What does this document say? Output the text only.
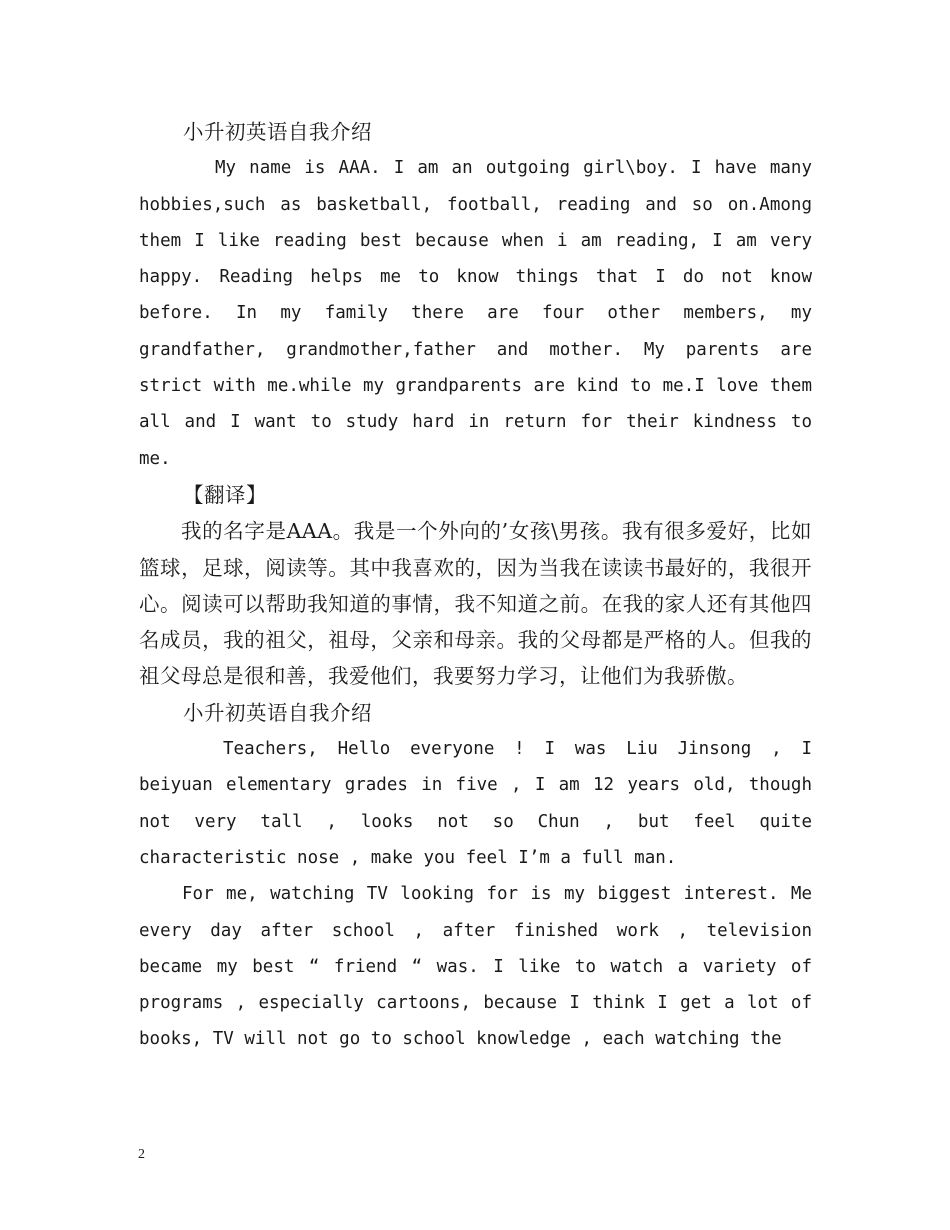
小升初英语自我介绍

My name is AAA. I am an outgoing girl\boy. I have many hobbies,such as basketball, football, reading and so on.Among them I like reading best because when i am reading, I am very happy. Reading helps me to know things that I do not know before. In my family there are four other members, my grandfather, grandmother,father and mother. My parents are strict with me.while my grandparents are kind to me.I love them all and I want to study hard in return for their kindness to me.

【翻译】

我的名字是AAA。我是一个外向的’女孩\男孩。我有很多爱好，比如篮球，足球，阅读等。其中我喜欢的，因为当我在读读书最好的，我很开心。阅读可以帮助我知道的事情，我不知道之前。在我的家人还有其他四名成员，我的祖父，祖母，父亲和母亲。我的父母都是严格的人。但我的祖父母总是很和善，我爱他们，我要努力学习，让他们为我骄傲。

小升初英语自我介绍

Teachers, Hello everyone ! I was Liu Jinsong , I beiyuan elementary grades in five , I am 12 years old, though not very tall , looks not so Chun , but feel quite characteristic nose , make you feel I’m a full man.

For me, watching TV looking for is my biggest interest. Me every day after school , after finished work , television became my best “ friend “ was. I like to watch a variety of programs , especially cartoons, because I think I get a lot of books, TV will not go to school knowledge , each watching the

2
